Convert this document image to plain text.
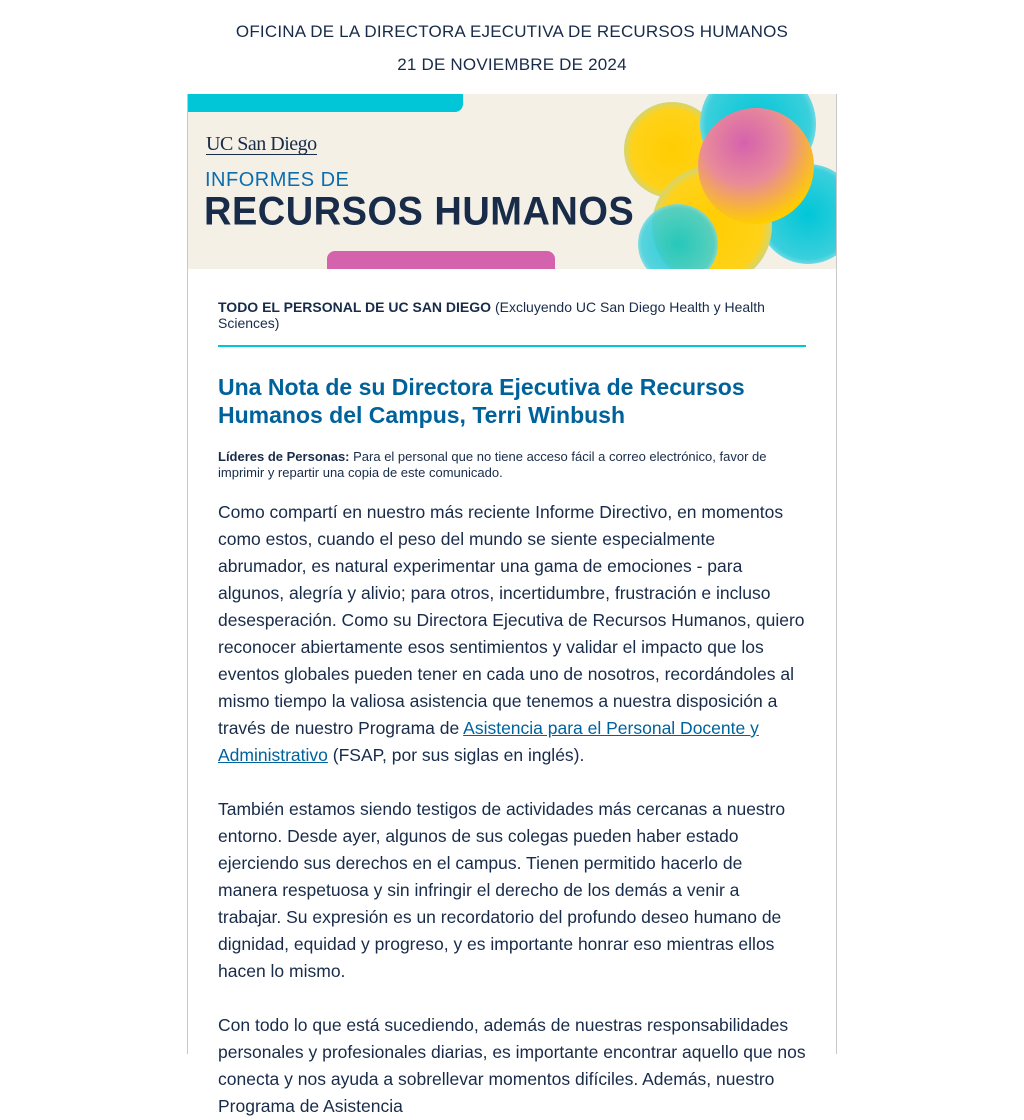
OFICINA DE LA DIRECTORA EJECUTIVA DE RECURSOS HUMANOS
21 DE NOVIEMBRE DE 2024
UC San Diego
INFORMES DE
RECURSOS HUMANOS
TODO EL PERSONAL DE UC SAN DIEGO (Excluyendo UC San Diego Health y Health Sciences)
Una Nota de su Directora Ejecutiva de Recursos Humanos del Campus, Terri Winbush
Líderes de Personas: Para el personal que no tiene acceso fácil a correo electrónico, favor de imprimir y repartir una copia de este comunicado.
Como compartí en nuestro más reciente Informe Directivo, en momentos como estos, cuando el peso del mundo se siente especialmente abrumador, es natural experimentar una gama de emociones - para algunos, alegría y alivio; para otros, incertidumbre, frustración e incluso desesperación. Como su Directora Ejecutiva de Recursos Humanos, quiero reconocer abiertamente esos sentimientos y validar el impacto que los eventos globales pueden tener en cada uno de nosotros, recordándoles al mismo tiempo la valiosa asistencia que tenemos a nuestra disposición a través de nuestro Programa de Asistencia para el Personal Docente y Administrativo (FSAP, por sus siglas en inglés).
También estamos siendo testigos de actividades más cercanas a nuestro entorno. Desde ayer, algunos de sus colegas pueden haber estado ejerciendo sus derechos en el campus. Tienen permitido hacerlo de manera respetuosa y sin infringir el derecho de los demás a venir a trabajar. Su expresión es un recordatorio del profundo deseo humano de dignidad, equidad y progreso, y es importante honrar eso mientras ellos hacen lo mismo.
Con todo lo que está sucediendo, además de nuestras responsabilidades personales y profesionales diarias, es importante encontrar aquello que nos conecta y nos ayuda a sobrellevar momentos difíciles. Además, nuestro Programa de Asistencia
